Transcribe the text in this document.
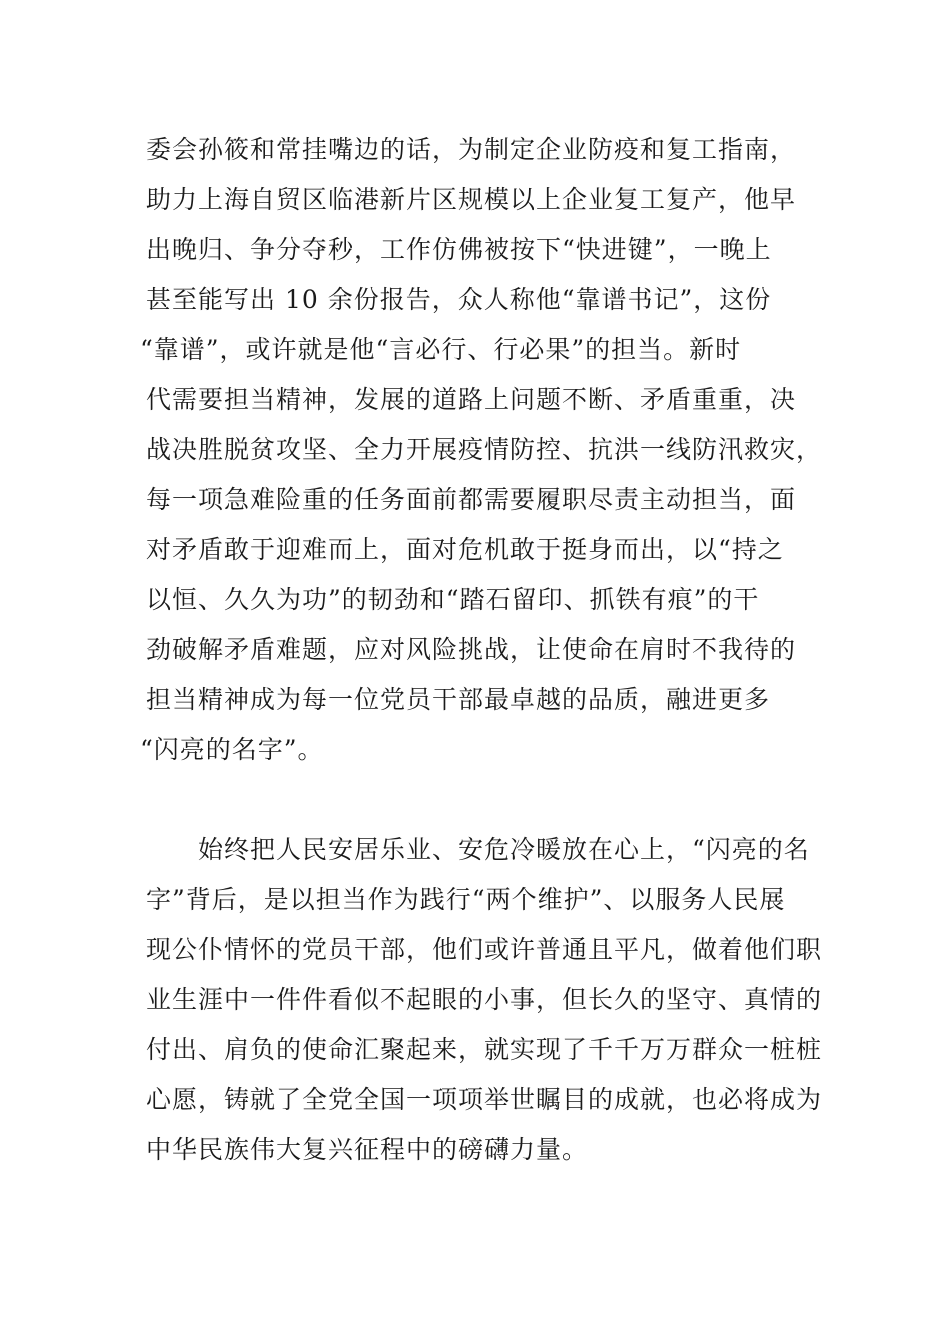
委会孙筱和常挂嘴边的话，为制定企业防疫和复工指南，
助力上海自贸区临港新片区规模以上企业复工复产，他早
出晚归、争分夺秒，工作仿佛被按下“快进键”，一晚上
甚至能写出 10 余份报告，众人称他“靠谱书记”，这份
“靠谱”，或许就是他“言必行、行必果”的担当。新时
代需要担当精神，发展的道路上问题不断、矛盾重重，决
战决胜脱贫攻坚、全力开展疫情防控、抗洪一线防汛救灾，
每一项急难险重的任务面前都需要履职尽责主动担当，面
对矛盾敢于迎难而上，面对危机敢于挺身而出，以“持之
以恒、久久为功”的韧劲和“踏石留印、抓铁有痕”的干
劲破解矛盾难题，应对风险挑战，让使命在肩时不我待的
担当精神成为每一位党员干部最卓越的品质，融进更多
“闪亮的名字”。
　　始终把人民安居乐业、安危冷暖放在心上，“闪亮的名
字”背后，是以担当作为践行“两个维护”、以服务人民展
现公仆情怀的党员干部，他们或许普通且平凡，做着他们职
业生涯中一件件看似不起眼的小事，但长久的坚守、真情的
付出、肩负的使命汇聚起来，就实现了千千万万群众一桩桩
心愿，铸就了全党全国一项项举世瞩目的成就，也必将成为
中华民族伟大复兴征程中的磅礴力量。
